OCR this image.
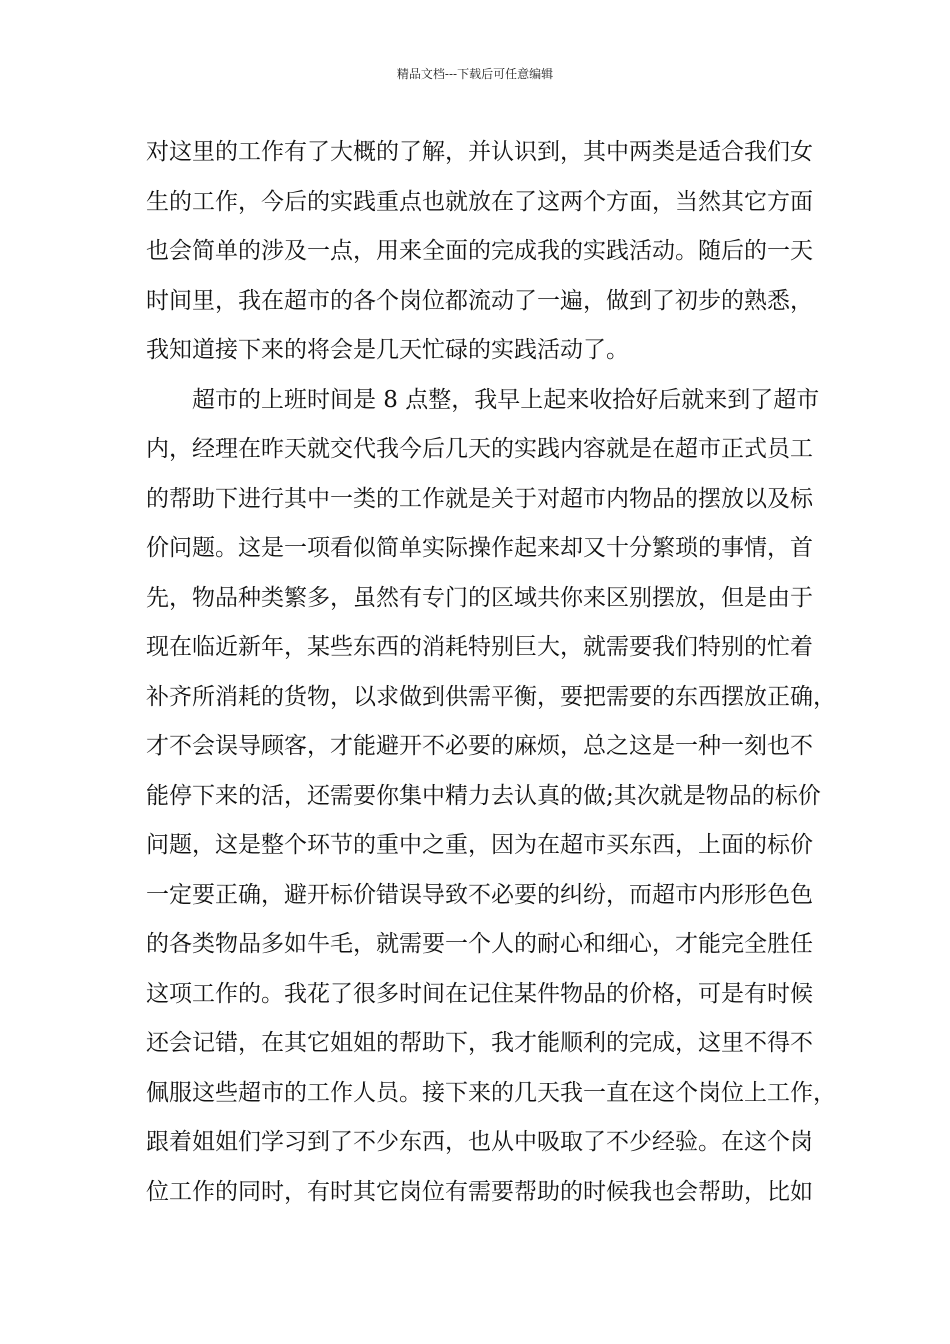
精品文档---下载后可任意编辑
对这里的工作有了大概的了解，并认识到，其中两类是适合我们女
生的工作，今后的实践重点也就放在了这两个方面，当然其它方面
也会简单的涉及一点，用来全面的完成我的实践活动。随后的一天
时间里，我在超市的各个岗位都流动了一遍，做到了初步的熟悉，
我知道接下来的将会是几天忙碌的实践活动了。
超市的上班时间是 8 点整，我早上起来收拾好后就来到了超市
内，经理在昨天就交代我今后几天的实践内容就是在超市正式员工
的帮助下进行其中一类的工作就是关于对超市内物品的摆放以及标
价问题。这是一项看似简单实际操作起来却又十分繁琐的事情，首
先，物品种类繁多，虽然有专门的区域共你来区别摆放，但是由于
现在临近新年，某些东西的消耗特别巨大，就需要我们特别的忙着
补齐所消耗的货物，以求做到供需平衡，要把需要的东西摆放正确，
才不会误导顾客，才能避开不必要的麻烦，总之这是一种一刻也不
能停下来的活，还需要你集中精力去认真的做;其次就是物品的标价
问题，这是整个环节的重中之重，因为在超市买东西，上面的标价
一定要正确，避开标价错误导致不必要的纠纷，而超市内形形色色
的各类物品多如牛毛，就需要一个人的耐心和细心，才能完全胜任
这项工作的。我花了很多时间在记住某件物品的价格，可是有时候
还会记错，在其它姐姐的帮助下，我才能顺利的完成，这里不得不
佩服这些超市的工作人员。接下来的几天我一直在这个岗位上工作，
跟着姐姐们学习到了不少东西，也从中吸取了不少经验。在这个岗
位工作的同时，有时其它岗位有需要帮助的时候我也会帮助，比如
